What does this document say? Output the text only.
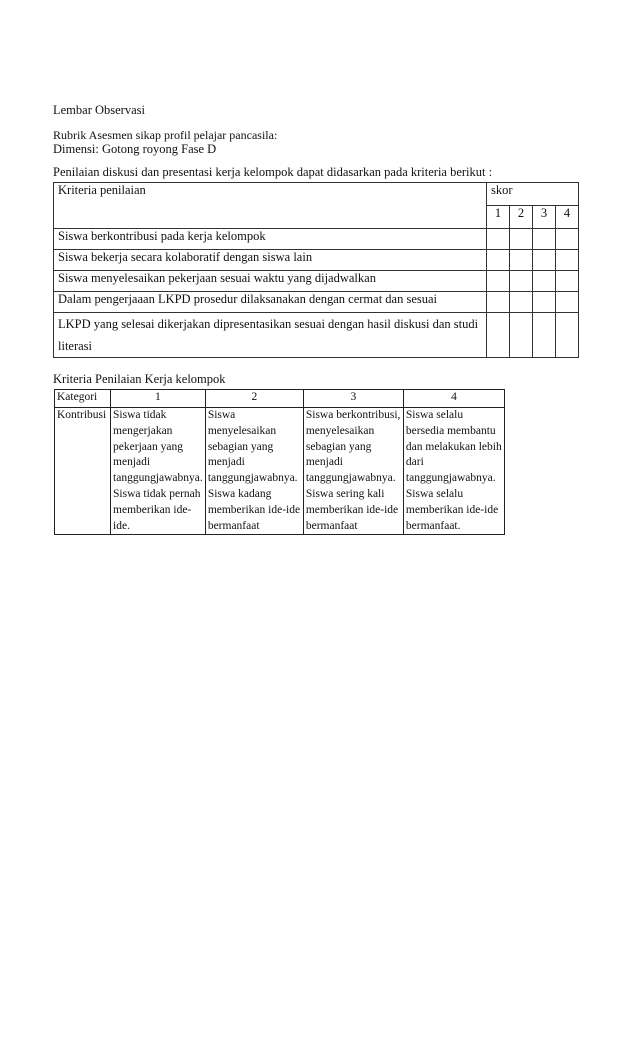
Lembar Observasi
Rubrik Asesmen sikap profil pelajar pancasila:
Dimensi: Gotong royong Fase D
Penilaian diskusi dan presentasi kerja kelompok dapat didasarkan pada kriteria berikut :
Kriteria penilaian	skor			
	1	2	3	4
Siswa berkontribusi pada kerja kelompok				
Siswa bekerja secara kolaboratif dengan siswa lain				
Siswa menyelesaikan pekerjaan sesuai waktu yang dijadwalkan				
Dalam pengerjaaan LKPD prosedur dilaksanakan dengan cermat dan sesuai				
LKPD yang selesai dikerjakan dipresentasikan sesuai dengan hasil diskusi dan studi literasi				
Kriteria Penilaian Kerja kelompok
Kategori	1	2	3	4
Kontribusi	Siswa tidak mengerjakan pekerjaan yang menjadi tanggungjawabnya. Siswa tidak pernah memberikan ide-ide.	Siswa menyelesaikan sebagian yang menjadi tanggungjawabnya. Siswa kadang memberikan ide-ide bermanfaat	Siswa berkontribusi, menyelesaikan sebagian yang menjadi tanggungjawabnya. Siswa sering kali memberikan ide-ide bermanfaat	Siswa selalu bersedia membantu dan melakukan lebih dari tanggungjawabnya. Siswa selalu memberikan ide-ide bermanfaat.
